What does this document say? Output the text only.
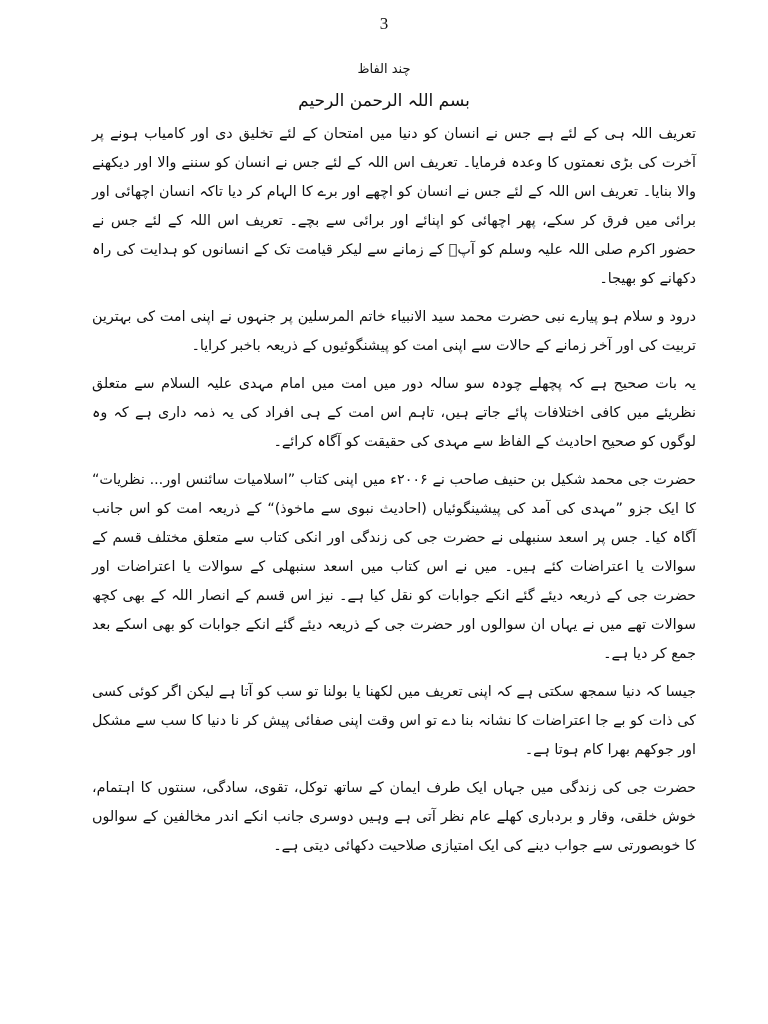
3
چند الفاظ
بسم اللہ الرحمن الرحیم

تعریف اللہ ہی کے لئے ہے جس نے انسان کو دنیا میں امتحان کے لئے تخلیق دی اور کامیاب ہونے پر آخرت کی بڑی نعمتوں کا وعدہ فرمایا۔ تعریف اس اللہ کے لئے جس نے انسان کو سننے والا اور دیکھنے والا بنایا۔ تعریف اس اللہ کے لئے جس نے انسان کو اچھے اور برے کا الہام کر دیا تاکہ انسان اچھائی اور برائی میں فرق کر سکے، پھر اچھائی کو اپنائے اور برائی سے بچے۔ تعریف اس اللہ کے لئے جس نے حضور اکرم صلی اللہ علیہ وسلم کو آپؐ کے زمانے سے لیکر قیامت تک کے انسانوں کو ہدایت کی راہ دکھانے کو بھیجا۔

درود و سلام ہو پیارے نبی حضرت محمد سید الانبیاء خاتم المرسلین پر جنہوں نے اپنی امت کی بہترین تربیت کی اور آخر زمانے کے حالات سے اپنی امت کو پیشنگوئیوں کے ذریعہ باخبر کرایا۔

یہ بات صحیح ہے کہ پچھلے چودہ سو سالہ دور میں امت میں امام مہدی علیہ السلام سے متعلق نظریئے میں کافی اختلافات پائے جاتے ہیں، تاہم اس امت کے ہی افراد کی یہ ذمہ داری ہے کہ وہ لوگوں کو صحیح احادیث کے الفاظ سے مہدی کی حقیقت کو آگاہ کرائے۔

حضرت جی محمد شکیل بن حنیف صاحب نے ۲۰۰۶ء میں اپنی کتاب ”اسلامیات سائنس اور... نظریات“ کا ایک جزو ”مہدی کی آمد کی پیشینگوئیاں (احادیث نبوی سے ماخوذ)“ کے ذریعہ امت کو اس جانب آگاہ کیا۔ جس پر اسعد سنبھلی نے حضرت جی کی زندگی اور انکی کتاب سے متعلق مختلف قسم کے سوالات یا اعتراضات کئے ہیں۔ میں نے اس کتاب میں اسعد سنبھلی کے سوالات یا اعتراضات اور حضرت جی کے ذریعہ دیئے گئے انکے جوابات کو نقل کیا ہے۔ نیز اس قسم کے انصار اللہ کے بھی کچھ سوالات تھے میں نے یہاں ان سوالوں اور حضرت جی کے ذریعہ دیئے گئے انکے جوابات کو بھی اسکے بعد جمع کر دیا ہے۔

جیسا کہ دنیا سمجھ سکتی ہے کہ اپنی تعریف میں لکھنا یا بولنا تو سب کو آتا ہے لیکن اگر کوئی کسی کی ذات کو بے جا اعتراضات کا نشانہ بنا دے تو اس وقت اپنی صفائی پیش کر نا دنیا کا سب سے مشکل اور جوکھم بھرا کام ہوتا ہے۔

حضرت جی کی زندگی میں جہاں ایک طرف ایمان کے ساتھ توکل، تقوی، سادگی، سنتوں کا اہتمام، خوش خلقی، وقار و بردباری کھلے عام نظر آتی ہے وہیں دوسری جانب انکے اندر مخالفین کے سوالوں کا خوبصورتی سے جواب دینے کی ایک امتیازی صلاحیت دکھائی دیتی ہے۔
